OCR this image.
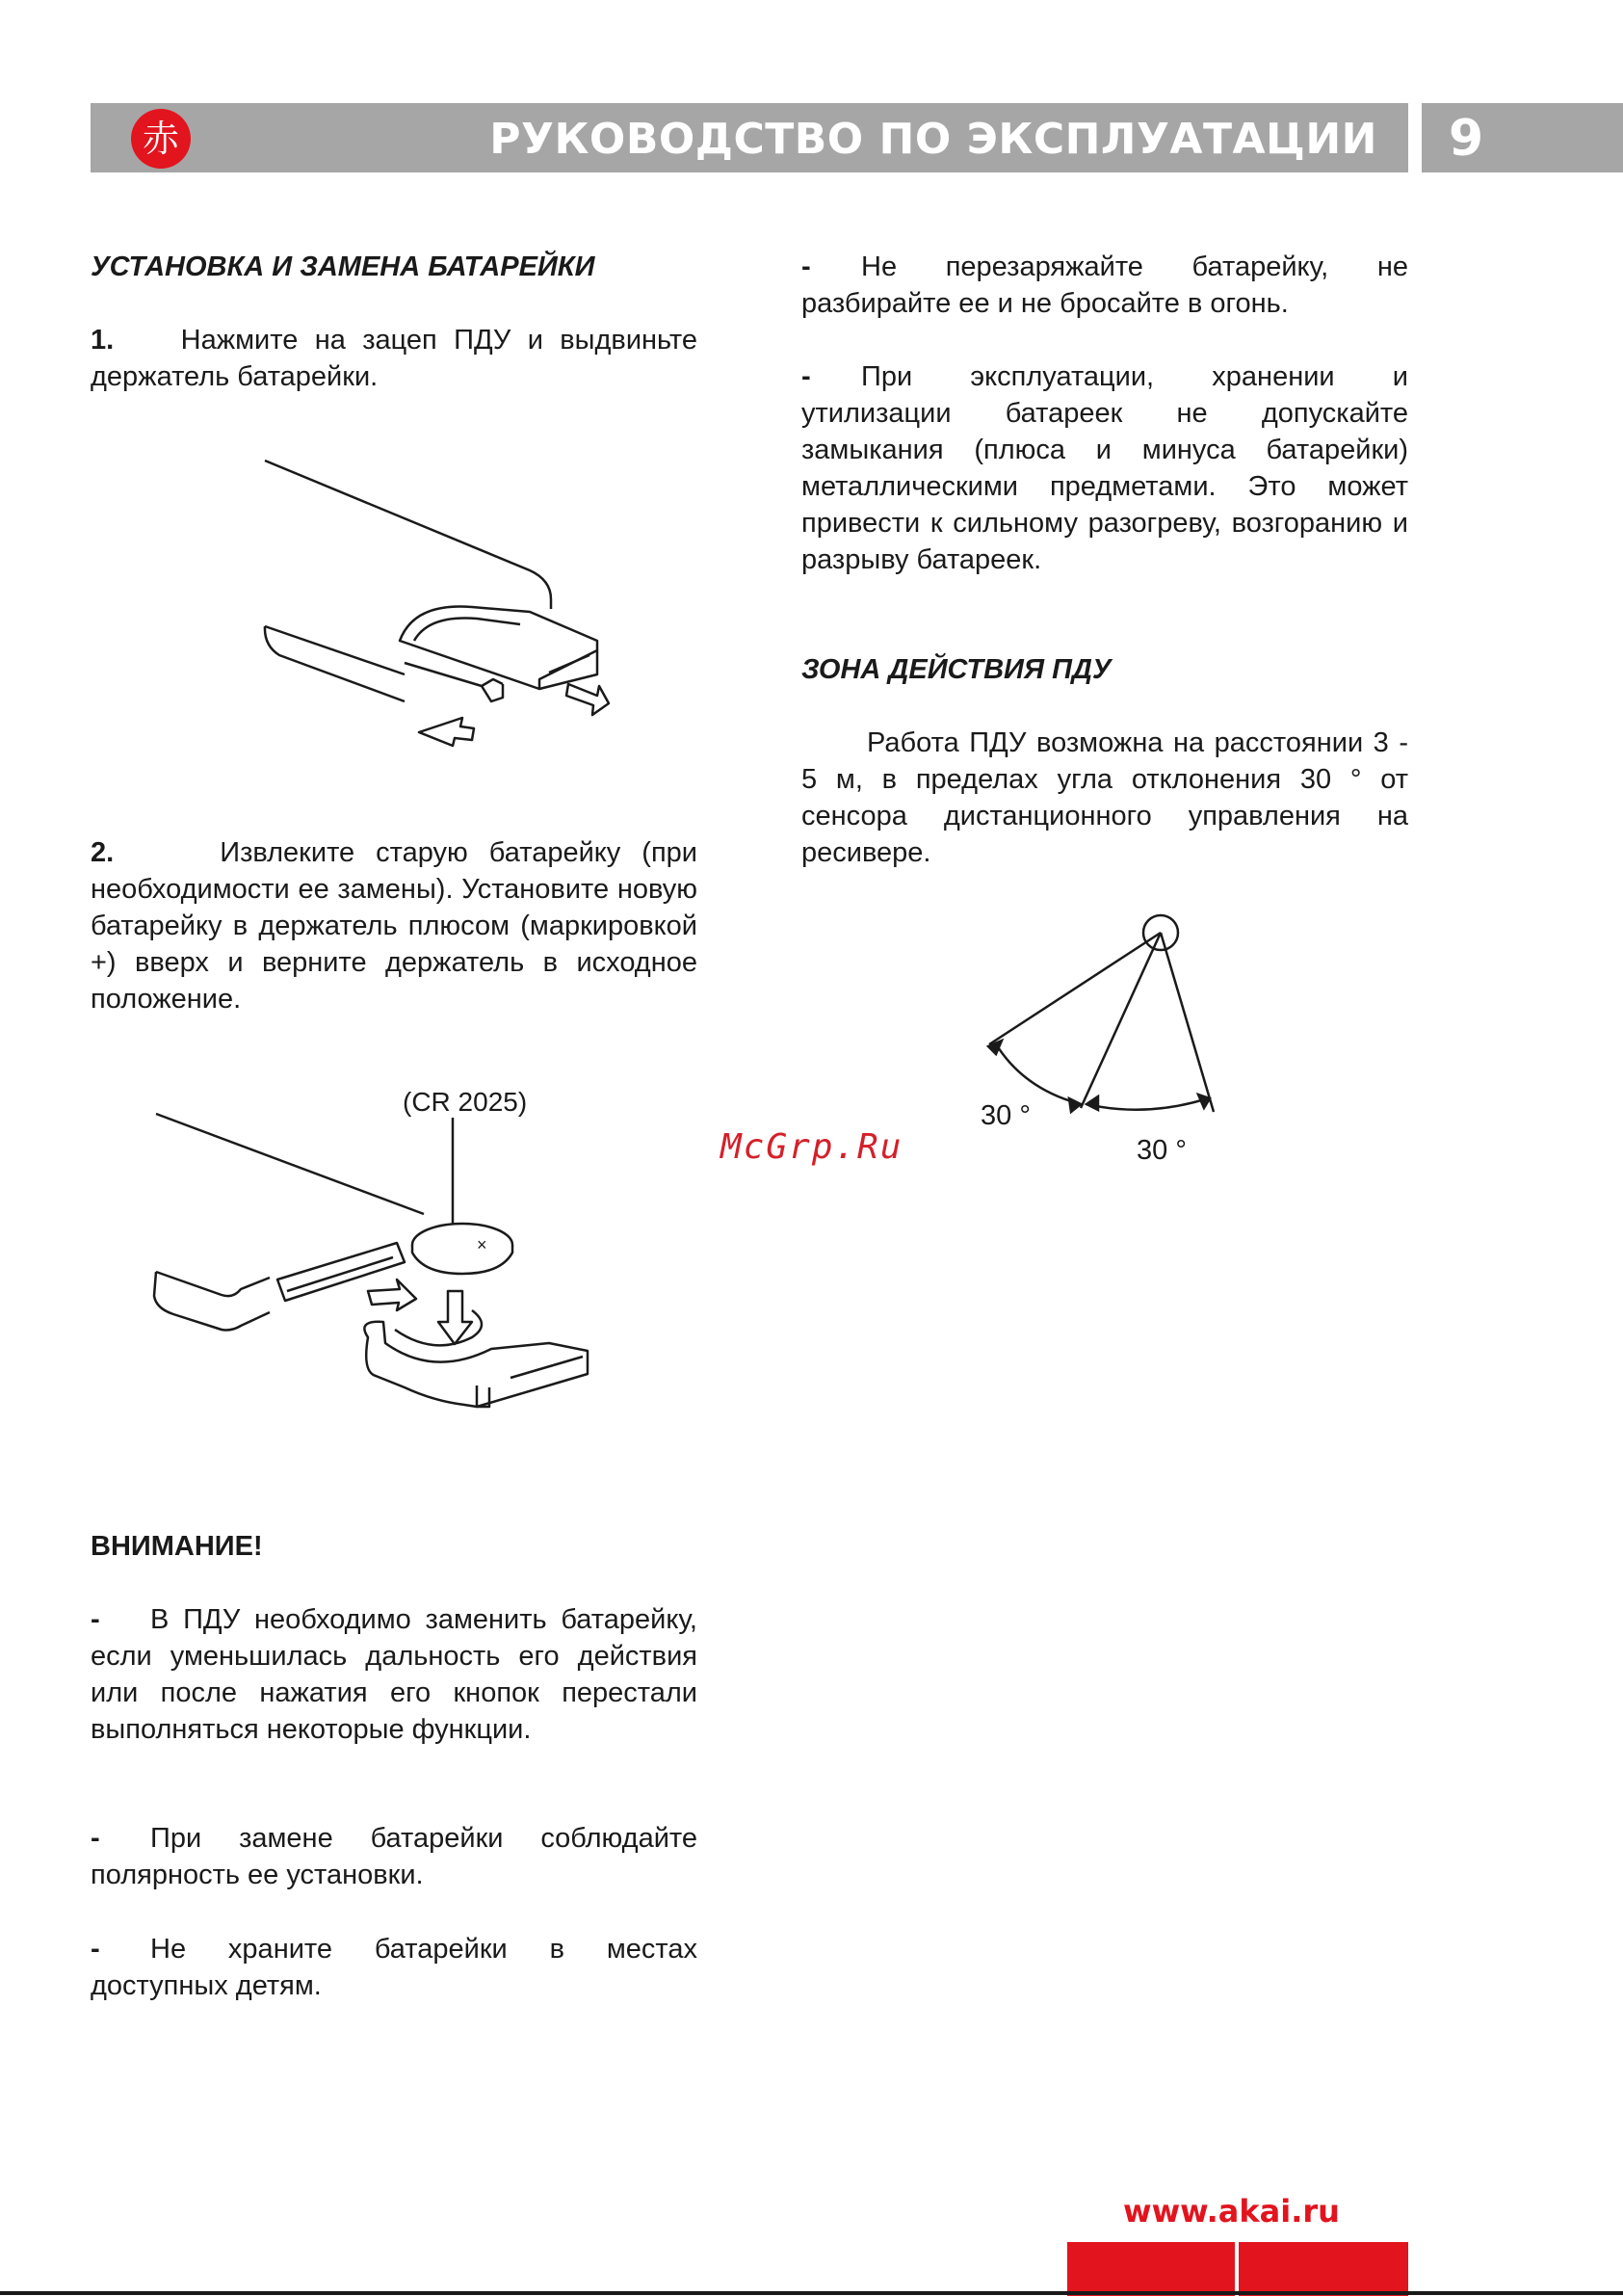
РУКОВОДСТВО ПО ЭКСПЛУАТАЦИИ 9
赤
УСТАНОВКА И ЗАМЕНА БАТАРЕЙКИ
1. Нажмите на зацеп ПДУ и выдвиньте держатель батарейки.
2.	Извлеките старую батарейку (при необходимости ее замены). Установите новую батарейку в держатель плюсом (маркировкой +) вверх и верните держатель в исходное положение.
(CR 2025)
×
ВНИМАНИЕ!
- В ПДУ необходимо заменить батарейку, если уменьшилась дальность его действия или после нажатия его кнопок перестали выполняться некоторые функции.
- При замене батарейки соблюдайте полярность ее установки.
- Не храните батарейки в местах доступных детям.
- Не перезаряжайте батарейку, не разбирайте ее и не бросайте в огонь.
- При эксплуатации, хранении и утилизации батареек не допускайте замыкания (плюса и минуса батарейки) металлическими предметами. Это может привести к сильному разогреву, возгоранию и разрыву батареек.
ЗОНА ДЕЙСТВИЯ ПДУ
Работа ПДУ возможна на расстоянии 3 - 5 м, в пределах угла отклонения 30 ° от сенсора дистанционного управления на ресивере.
30 °
30 °
McGrp.Ru
www.akai.ru
